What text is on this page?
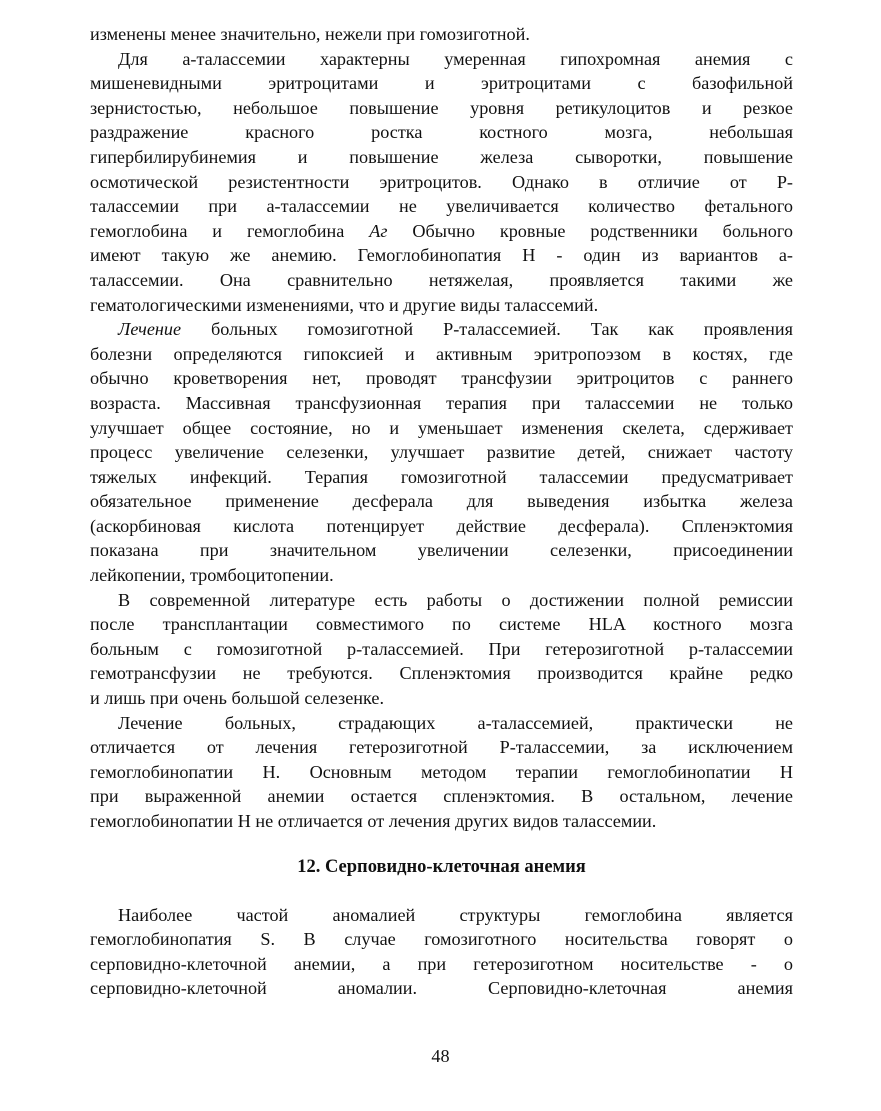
изменены менее значительно, нежели при гомозиготной.
Для а-талассемии характерны умеренная гипохромная анемия с
мишеневидными эритроцитами и эритроцитами с базофильной
зернистостью, небольшое повышение уровня ретикулоцитов и резкое
раздражение красного ростка костного мозга, небольшая
гипербилирубинемия и повышение железа сыворотки, повышение
осмотической резистентности эритроцитов. Однако в отличие от Р-
талассемии при а-талассемии не увеличивается количество фетального
гемоглобина и гемоглобина Аг Обычно кровные родственники больного
имеют такую же анемию. Гемоглобинопатия Н - один из вариантов а-
талассемии. Она сравнительно нетяжелая, проявляется такими же
гематологическими изменениями, что и другие виды талассемий.
Лечение больных гомозиготной Р-талассемией. Так как проявления
болезни определяются гипоксией и активным эритропоэзом в костях, где
обычно кроветворения нет, проводят трансфузии эритроцитов с раннего
возраста. Массивная трансфузионная терапия при талассемии не только
улучшает общее состояние, но и уменьшает изменения скелета, сдерживает
процесс увеличение селезенки, улучшает развитие детей, снижает частоту
тяжелых инфекций. Терапия гомозиготной талассемии предусматривает
обязательное применение десферала для выведения избытка железа
(аскорбиновая кислота потенцирует действие десферала). Спленэктомия
показана при значительном увеличении селезенки, присоединении
лейкопении, тромбоцитопении.
В современной литературе есть работы о достижении полной ремиссии
после трансплантации совместимого по системе HLA костного мозга
больным с гомозиготной р-талассемией. При гетерозиготной р-талассемии
гемотрансфузии не требуются. Спленэктомия производится крайне редко
и лишь при очень большой селезенке.
Лечение больных, страдающих а-талассемией, практически не
отличается от лечения гетерозиготной Р-талассемии, за исключением
гемоглобинопатии Н. Основным методом терапии гемоглобинопатии Н
при выраженной анемии остается спленэктомия. В остальном, лечение
гемоглобинопатии Н не отличается от лечения других видов талассемии.
12. Серповидно-клеточная анемия
Наиболее частой аномалией структуры гемоглобина является
гемоглобинопатия S. В случае гомозиготного носительства говорят о
серповидно-клеточной анемии, а при гетерозиготном носительстве - о
серповидно-клеточной аномалии. Серповидно-клеточная анемия
48
